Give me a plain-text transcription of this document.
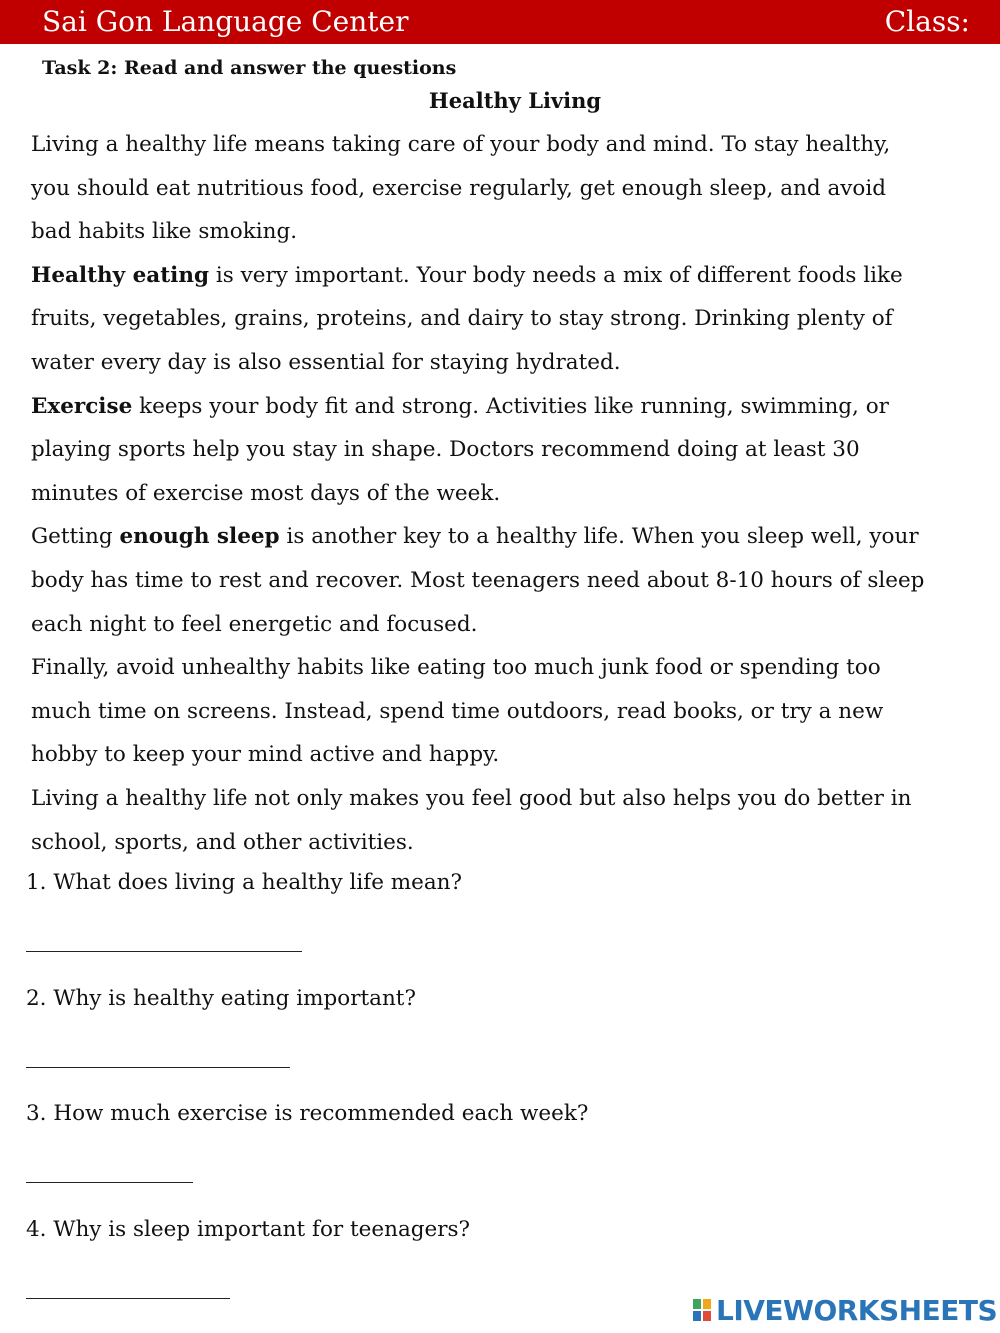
Sai Gon Language Center	Class:
Task 2: Read and answer the questions
Healthy Living

Living a healthy life means taking care of your body and mind. To stay healthy,
you should eat nutritious food, exercise regularly, get enough sleep, and avoid
bad habits like smoking.

Healthy eating is very important. Your body needs a mix of different foods like
fruits, vegetables, grains, proteins, and dairy to stay strong. Drinking plenty of
water every day is also essential for staying hydrated.

Exercise keeps your body fit and strong. Activities like running, swimming, or
playing sports help you stay in shape. Doctors recommend doing at least 30
minutes of exercise most days of the week.

Getting enough sleep is another key to a healthy life. When you sleep well, your
body has time to rest and recover. Most teenagers need about 8-10 hours of sleep
each night to feel energetic and focused.

Finally, avoid unhealthy habits like eating too much junk food or spending too
much time on screens. Instead, spend time outdoors, read books, or try a new
hobby to keep your mind active and happy.

Living a healthy life not only makes you feel good but also helps you do better in
school, sports, and other activities.

1. What does living a healthy life mean?
2. Why is healthy eating important?
3. How much exercise is recommended each week?
4. Why is sleep important for teenagers?
LIVEWORKSHEETS
